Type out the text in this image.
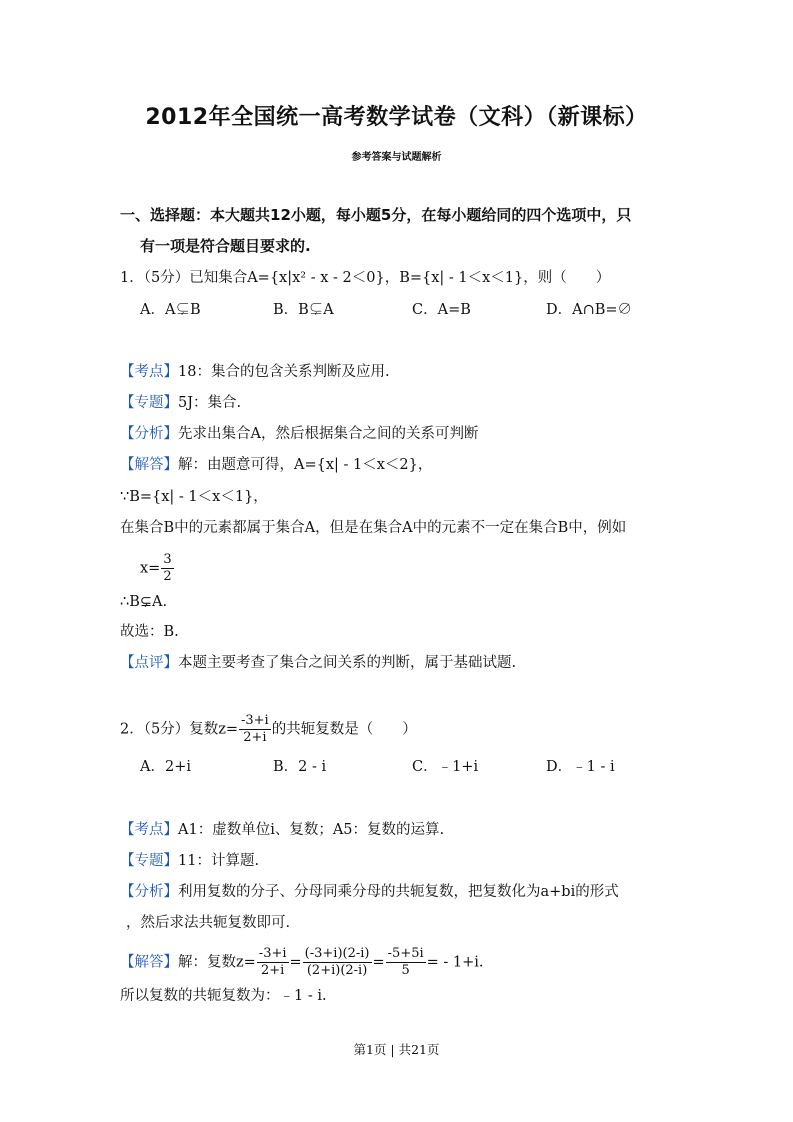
2012年全国统一高考数学试卷（文科）（新课标）
参考答案与试题解析
一、选择题：本大题共12小题，每小题5分，在每小题给同的四个选项中，只
有一项是符合题目要求的.
1．（5分）已知集合A={x|x² - x - 2＜0}，B={x| - 1＜x＜1}，则（　　）
A．A⊊B	B．B⊊A	C．A=B	D．A∩B=∅
【考点】18：集合的包含关系判断及应用.
【专题】5J：集合.
【分析】先求出集合A，然后根据集合之间的关系可判断
【解答】解：由题意可得，A={x| - 1＜x＜2}，
∵B={x| - 1＜x＜1}，
在集合B中的元素都属于集合A，但是在集合A中的元素不一定在集合B中，例如
$x= \frac{3}{2}$
∴B⊊A.
故选：B.
【点评】本题主要考查了集合之间关系的判断，属于基础试题.
2．（5分）复数$z= \frac{-3+i}{2+i}$ 的共轭复数是（　　）
A．2+i	B．2 - i	C．﹣1+i	D．﹣1 - i
【考点】A1：虚数单位i、复数；A5：复数的运算.
【专题】11：计算题.
【分析】利用复数的分子、分母同乘分母的共轭复数，把复数化为a+bi的形式
，然后求法共轭复数即可.
【解答】解：复数$z= \frac{-3+i}{2+i} = \frac{(-3+i)(2-i)}{(2+i)(2-i)} = \frac{-5+5i}{5}$ = - 1+i.
所以复数的共轭复数为：﹣1 - i.
第1页 | 共21页
